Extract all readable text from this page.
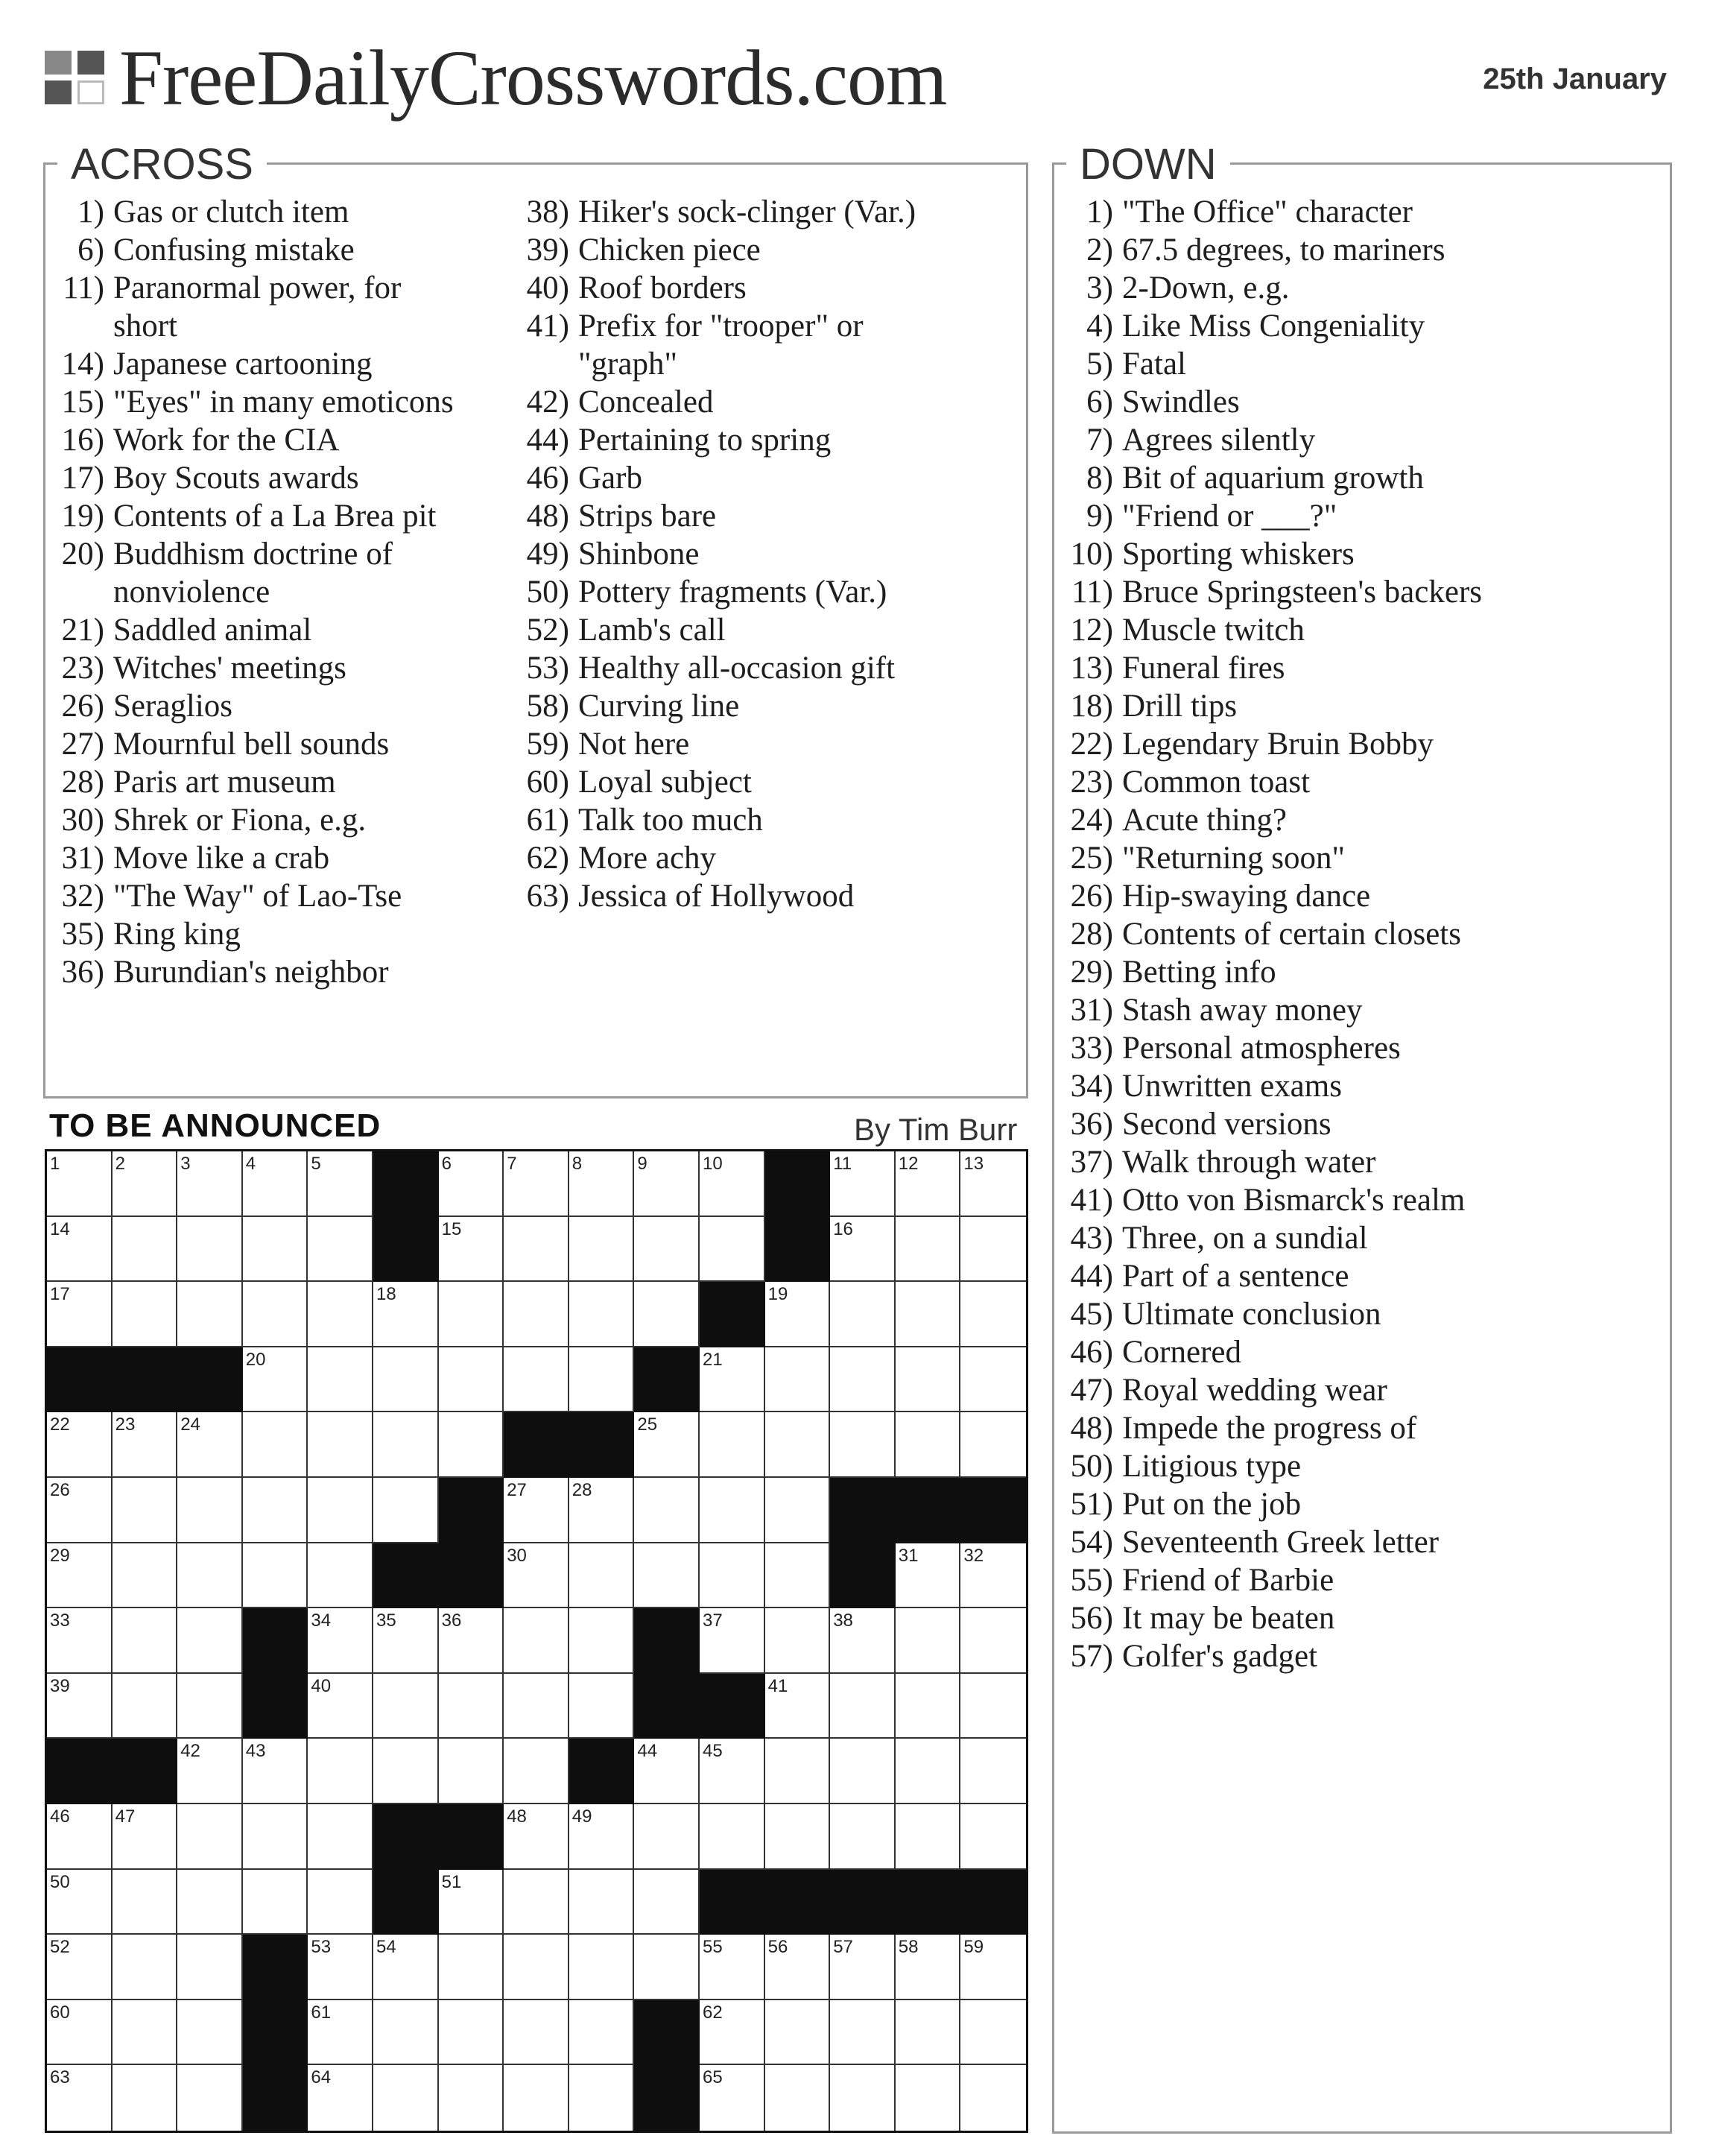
FreeDailyCrosswords.com	25th January
ACROSS
1) Gas or clutch item
6) Confusing mistake
11) Paranormal power, for
short
14) Japanese cartooning
15) "Eyes" in many emoticons
16) Work for the CIA
17) Boy Scouts awards
19) Contents of a La Brea pit
20) Buddhism doctrine of
nonviolence
21) Saddled animal
23) Witches' meetings
26) Seraglios
27) Mournful bell sounds
28) Paris art museum
30) Shrek or Fiona, e.g.
31) Move like a crab
32) "The Way" of Lao-Tse
35) Ring king
36) Burundian's neighbor
38) Hiker's sock-clinger (Var.)
39) Chicken piece
40) Roof borders
41) Prefix for "trooper" or
"graph"
42) Concealed
44) Pertaining to spring
46) Garb
48) Strips bare
49) Shinbone
50) Pottery fragments (Var.)
52) Lamb's call
53) Healthy all-occasion gift
58) Curving line
59) Not here
60) Loyal subject
61) Talk too much
62) More achy
63) Jessica of Hollywood
DOWN
1) "The Office" character
2) 67.5 degrees, to mariners
3) 2-Down, e.g.
4) Like Miss Congeniality
5) Fatal
6) Swindles
7) Agrees silently
8) Bit of aquarium growth
9) "Friend or ___?"
10) Sporting whiskers
11) Bruce Springsteen's backers
12) Muscle twitch
13) Funeral fires
18) Drill tips
22) Legendary Bruin Bobby
23) Common toast
24) Acute thing?
25) "Returning soon"
26) Hip-swaying dance
28) Contents of certain closets
29) Betting info
31) Stash away money
33) Personal atmospheres
34) Unwritten exams
36) Second versions
37) Walk through water
41) Otto von Bismarck's realm
43) Three, on a sundial
44) Part of a sentence
45) Ultimate conclusion
46) Cornered
47) Royal wedding wear
48) Impede the progress of
50) Litigious type
51) Put on the job
54) Seventeenth Greek letter
55) Friend of Barbie
56) It may be beaten
57) Golfer's gadget
TO BE ANNOUNCED	By Tim Burr
1	2	3	4	5	6	7	8	9	10	11	12	13
14	15	16
17	18	19
20	21
22	23	24	25
26	27	28
29	30	31	32
33	34	35	36	37	38
39	40	41
42	43	44	45
46	47	48	49
50	51
52	53	54	55	56	57	58	59
60	61	62
63	64	65
